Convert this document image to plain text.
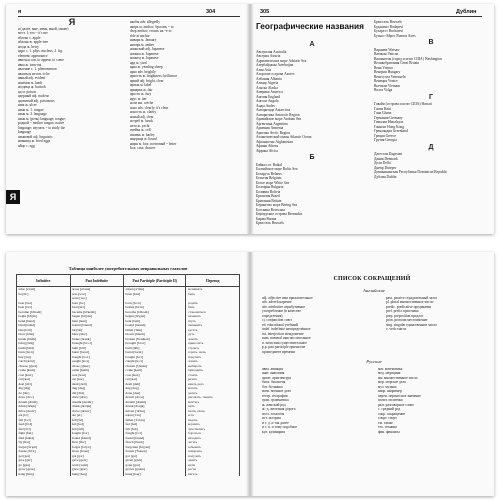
я	304
Я
я (далее, мне, меня, мной, мною)
мест. I; это ~ it's me
яблоко с. apple
яблоня ж. apple-tree
ягода ж. berry
ядро с. 1. phys. nucleus; 2. fig.
element; appearance
явиться сов. to appear, to come
явка ж. turn-out
явление с. 1. phenomenon
являться несов. to be
явный adj. evident
ягнёнок м. lamb
ягодица ж. buttock
яд м. poison
ядерный adj. nuclear
ядовитый adj. poisonous
язва ж. ulcer
язык м. 1. tongue
язык м. 2. language
язык м. (речь) language; tongue;
родной ~ mother tongue, native
language; изучать ~ to study the
language
языковой adj. linguistic
яичница ж. fried eggs
яйцо с. egg
якобы adv. allegedly
якорь м. anchor; бросать ~ to
drop anchor; стоять на ~е to
ride at anchor
январь м. January
янтарь м. amber
японский adj. Japanese
японка ж. Japanese
японец м. Japanese
ярд м. yard
ярка ж. yearling sheep
ярко adv. brightly
яркость ж. brightness; brilliance
яркий adj. bright, clear
ярлык м. label
ярмарка ж. fair
ярость ж. fury
ярус м. tier
ясли мн. crèche
ясно adv. clearly; it's clear
ясность ж. clarity
ясный adj. clear
ястреб м. hawk
яхта ж. yacht
ячейка ж. cell
ячмень м. barley
ящерица ж. lizard
ящик м. box; почтовый ~ letter
box; case, drawer
Я
305	Дублин
Географические названия
А
Австралия Australia
Австрия Austria
Адриатическое море Adriatic Sea
Азербайджан Azerbaijan
Азия Asia
Азорские острова Azores
Албания Albania
Алжир Algeria
Аляска Alaska
Америка America
Англия England
Ангола Angola
Анды Andes
Антарктида Antarctica
Антарктика Antarctic Region
Аравийское море Arabian Sea
Аргентина Argentina
Армения Armenia
Арктика Arctic Region
Атлантический океан Atlantic Ocean
Афганистан Afghanistan
Афины Athens
Африка Africa
Б
Байкал оз. Baikal
Балтийское море Baltic Sea
Беларусь Belarus
Бельгия Belgium
Белое море White Sea
Болгария Bulgaria
Боливия Bolivia
Бразилия Brazil
Британия Britain
Берингово море Bering Sea
Ботсвана Botswana
Бермудские острова Bermudas
Бирма Burma
Брюссель Brussels
Брюссель Brussels
Будапешт Budapest
Бухарест Bucharest
Буэнос-Айрес Buenos Aires
В
Варшава Warsaw
Ватикан Vatican
Вашингтон (город и штат США) Washington
Великобритания Great Britain
Вена Vienna
Венгрия Hungary
Венесуэла Venezuela
Венеция Venice
Вьетнам Vietnam
Волга Volga
Г
Гавайи (острова и штат США) Hawaii
Гаити Haiti
Гана Ghana
Германия Germany
Гималаи Himalayas
Гонконг Hong Kong
Гренландия Greenland
Греция Greece
Грузия Georgia
Д
Дагестан Dagestan
Дания Denmark
Дели Delhi
Днепр Dnieper
Доминиканская Республика Dominican Republic
Дублин Dublin
Таблица наиболее употребительных неправильных глаголов
Infinitive	Past Indefinite	Past Participle (Participle II)	Перевод
arise [ə'raiz]	arose [ə'rəuz]	arisen [ə'rizn]	возникать
be [bi:]	was [wɔz]	been [bi:n]	быть
	were [wə:]		
bear [bɛə]	bore [bɔ:]	born [bɔ:n]	родить
beat [bi:t]	beat [bi:t]	beaten [bi:tn]	бить
become [bi'kʌm]	became [bi'keim]	become [bi'kʌm]	становиться
begin [bi'gin]	began [bi'gæn]	begun [bi'gʌn]	начинать
bend [bend]	bent [bent]	bent [bent]	гнуть
bind [baind]	bound [baund]	bound [baund]	связывать
bite [bait]	bit [bit]	bitten ['bitn]	кусать
blow [bləu]	blew [blu:]	blown [bləun]	дуть
break [breik]	broke [brəuk]	broken ['brəukən]	ломать
bring [briŋ]	brought [brɔ:t]	brought [brɔ:t]	приносить
build [bild]	built [bilt]	built [bilt]	строить
burn [bə:n]	burnt [bə:nt]	burnt [bə:nt]	гореть, жечь
buy [bai]	bought [bɔ:t]	bought [bɔ:t]	покупать
catch [kætʃ]	caught [kɔ:t]	caught [kɔ:t]	ловить
choose [tʃu:z]	chose [tʃəuz]	chosen ['tʃəuzn]	выбирать
come [kʌm]	came [keim]	come [kʌm]	приходить
cost [kɔst]	cost [kɔst]	cost [kɔst]	стоить
cut [kʌt]	cut [kʌt]	cut [kʌt]	резать
deal [di:l]	dealt [delt]	dealt [delt]	иметь дело
dig [dig]	dug [dʌg]	dug [dʌg]	копать
do [du:]	did [did]	done [dʌn]	делать
draw [drɔ:]	drew [dru:]	drawn [drɔ:n]	рисовать, тащить
dream [dri:m]	dreamt [dremt]	dreamt [dremt]	мечтать
drink [driŋk]	drank [dræŋk]	drunk [drʌŋk]	пить
drive [draiv]	drove [drəuv]	driven ['drivn]	гнать, ехать
eat [i:t]	ate [et]	eaten ['i:tn]	есть
fall [fɔ:l]	fell [fel]	fallen ['fɔ:lən]	падать
feed [fi:d]	fed [fed]	fed [fed]	кормить
feel [fi:l]	felt [felt]	felt [felt]	чувствовать
fight [fait]	fought [fɔ:t]	fought [fɔ:t]	бороться
find [faind]	found [faund]	found [faund]	находить
fly [flai]	flew [flu:]	flown [fləun]	летать
forget [fə'get]	forgot [fə'gɔt]	forgotten [fə'gɔtn]	забывать
freeze [fri:z]	froze [frəuz]	frozen ['frəuzn]	замерзать
get [get]	got [gɔt]	got [gɔt]	получать
give [giv]	gave [geiv]	given [givn]	давать
go [gəu]	went [went]	gone [gɔn]	идти
grow [grəu]	grew [gru:]	grown [grəun]	расти
hang [hæŋ]	hung [hʌŋ]	hung [hʌŋ]	висеть
СПИСОК СОКРАЩЕНИЙ
Английские
adj. adjective имя прилагательное
adv. adverb наречие
attr. attributive атрибутивное
употребление (в качестве
определения)
cj. conjunction союз
ed. educational учебный
indef. indefinite неопределённое
int. interjection междометие
num. numeral имя числительное
n. noun имя существительное
p.p. past participle причастие
прошедшего времени
pass. passive страдательный залог
pl. plural множественное число
predic. predicative предикатив
pref. prefix приставка
prep. preposition предлог
pron. pronoun местоимение
sing. singular единственное число
v. verb глагол
Русские
авиа. авиация
анат. анатомия
архит. архитектура
биол. биология
бот. ботаника
воен. военное дело
геогр. география
грам. грамматика
ж. женский род
ж.-д. железная дорога
зоол. зоология
ист. история
и т. д. и так далее
и т. п. и тому подобное
кул. кулинария
мат. математика
мед. медицина
мн. множественное число
мор. морское дело
муз. музыка
напр. например
перен. переносное значение
полит. политика
разг. разговорное слово
с. средний род
сокр. сокращение
спорт. спорт
тж. также
тех. техника
фин. финансы
